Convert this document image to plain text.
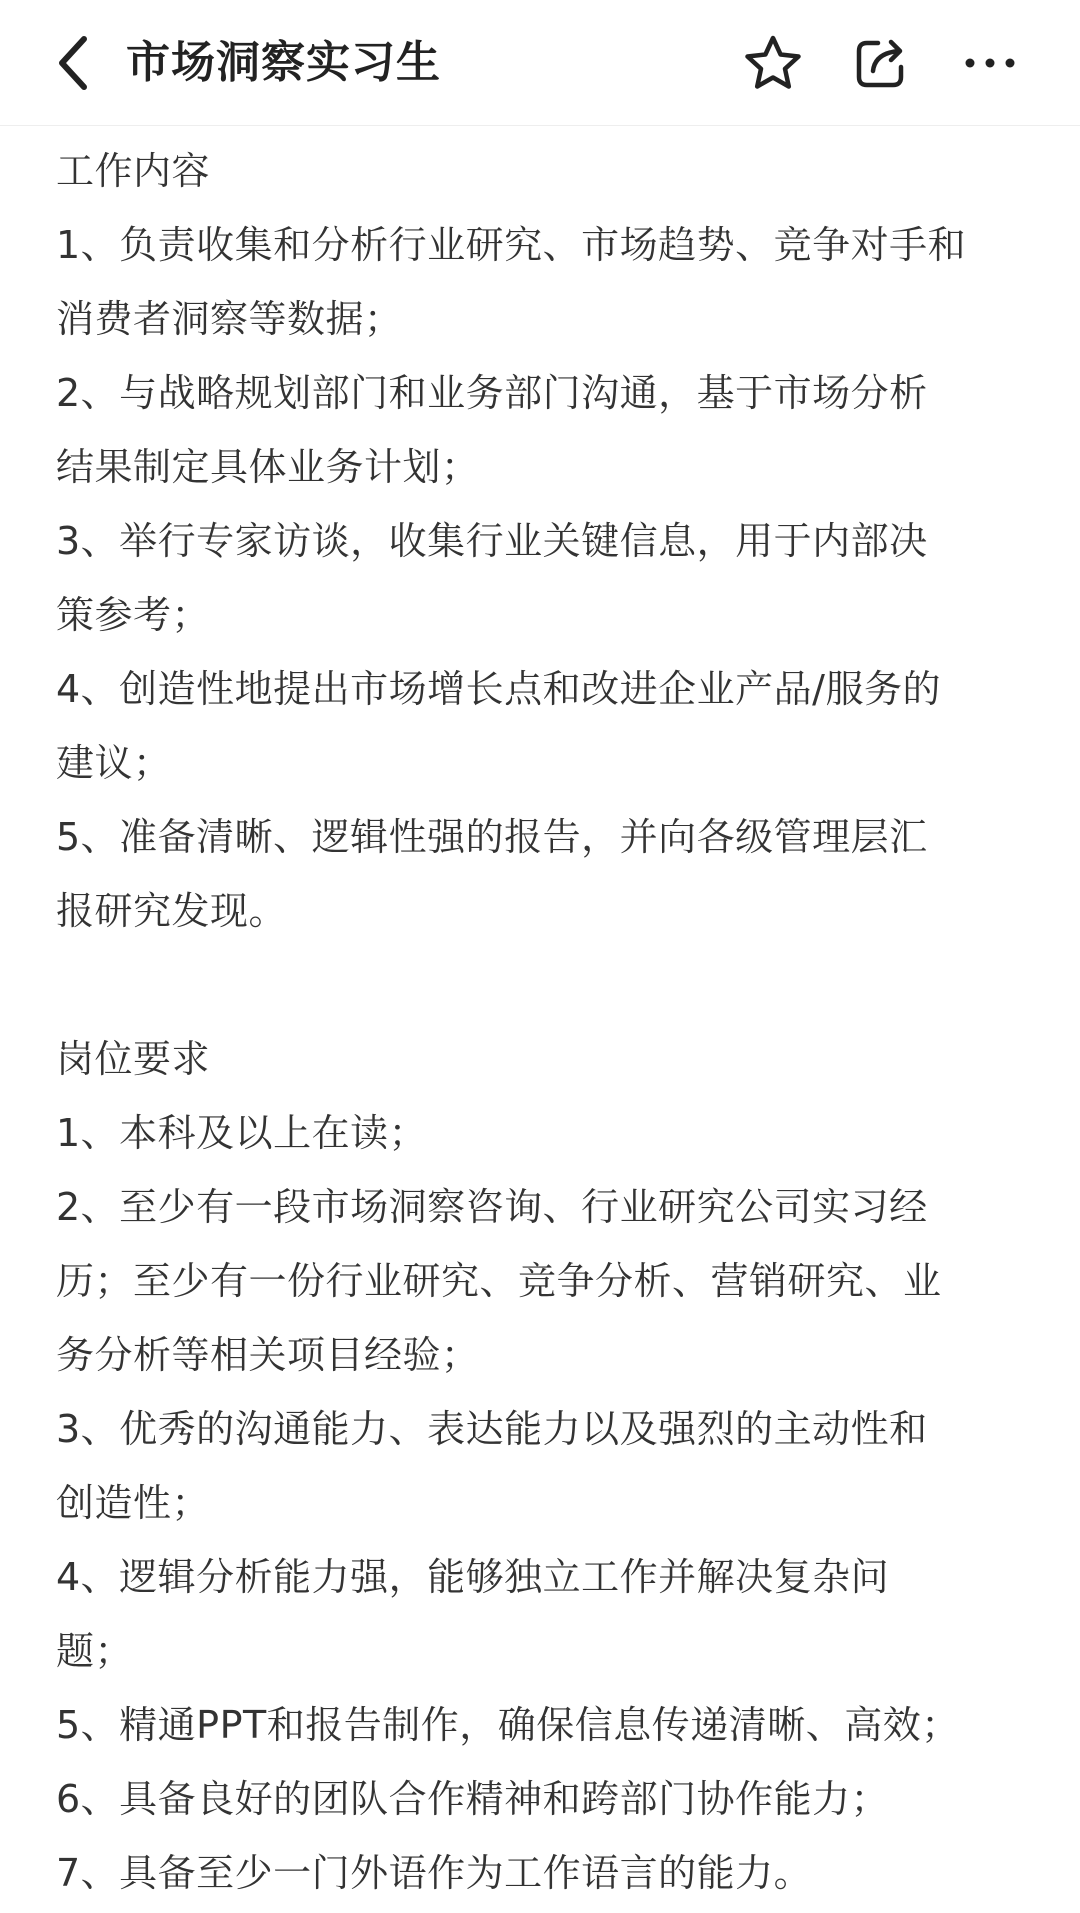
市场洞察实习生
工作内容
1、负责收集和分析行业研究、市场趋势、竞争对手和
消费者洞察等数据；
2、与战略规划部门和业务部门沟通，基于市场分析
结果制定具体业务计划；
3、举行专家访谈，收集行业关键信息，用于内部决
策参考；
4、创造性地提出市场增长点和改进企业产品/服务的
建议；
5、准备清晰、逻辑性强的报告，并向各级管理层汇
报研究发现。
岗位要求
1、本科及以上在读；
2、至少有一段市场洞察咨询、行业研究公司实习经
历；至少有一份行业研究、竞争分析、营销研究、业
务分析等相关项目经验；
3、优秀的沟通能力、表达能力以及强烈的主动性和
创造性；
4、逻辑分析能力强，能够独立工作并解决复杂问
题；
5、精通PPT和报告制作，确保信息传递清晰、高效；
6、具备良好的团队合作精神和跨部门协作能力；
7、具备至少一门外语作为工作语言的能力。
